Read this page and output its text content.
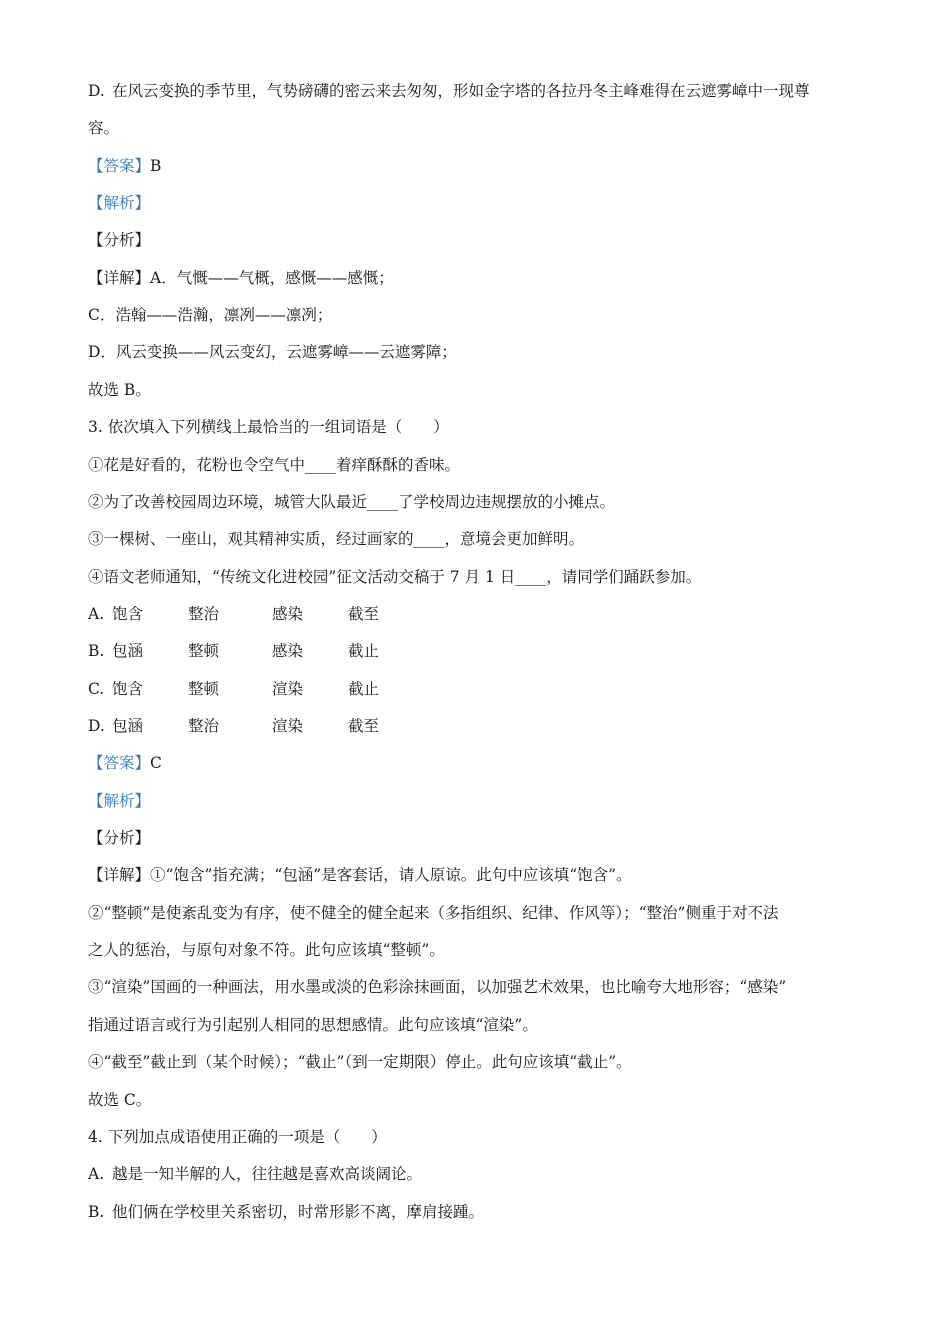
D. 在风云变换的季节里，气势磅礴的密云来去匆匆，形如金字塔的各拉丹冬主峰难得在云遮雾嶂中一现尊
容。
【答案】B
【解析】
【分析】
【详解】A．气慨——气概，感慨——感慨；
C．浩翰——浩瀚，凛冽——凛冽；
D．风云变换——风云变幻，云遮雾嶂——云遮雾障；
故选 B。
3. 依次填入下列横线上最恰当的一组词语是（　　）
①花是好看的，花粉也令空气中____着痒酥酥的香味。
②为了改善校园周边环境，城管大队最近____了学校周边违规摆放的小摊点。
③一棵树、一座山，观其精神实质，经过画家的____，意境会更加鲜明。
④语文老师通知，“传统文化进校园”征文活动交稿于 7 月 1 日____，请同学们踊跃参加。
A. 饱含	整治	感染	截至
B. 包涵	整顿	感染	截止
C. 饱含	整顿	渲染	截止
D. 包涵	整治	渲染	截至
【答案】C
【解析】
【分析】
【详解】①“饱含”指充满；“包涵”是客套话，请人原谅。此句中应该填“饱含”。
②“整顿”是使紊乱变为有序，使不健全的健全起来（多指组织、纪律、作风等）；“整治”侧重于对不法
之人的惩治，与原句对象不符。此句应该填“整顿”。
③“渲染”国画的一种画法，用水墨或淡的色彩涂抹画面，以加强艺术效果，也比喻夸大地形容；“感染”
指通过语言或行为引起别人相同的思想感情。此句应该填“渲染”。
④“截至”截止到（某个时候）；“截止”（到一定期限）停止。此句应该填“截止”。
故选 C。
4. 下列加点成语使用正确的一项是（　　）
A. 越是一知半解的人，往往越是喜欢高谈阔论。
B. 他们俩在学校里关系密切，时常形影不离，摩肩接踵。
